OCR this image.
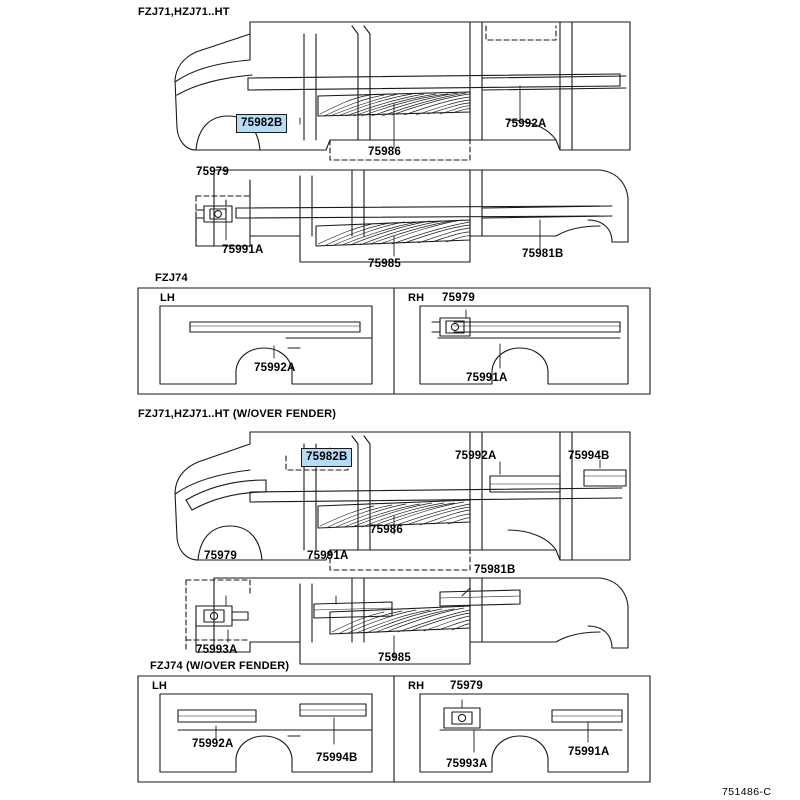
FZJ71,HZJ71..HT
FZJ74
FZJ71,HZJ71..HT (W/OVER FENDER)
FZJ74 (W/OVER FENDER)
LH	RH
LH	RH
75982B
75986
75992A
75979
75991A
75985
75981B
75992A
75979
75991A
75982B	75992A	75994B
75986
75979	75991A
75981B
75993A
75985
75992A
75994B
75979
75993A
75991A
751486-C
